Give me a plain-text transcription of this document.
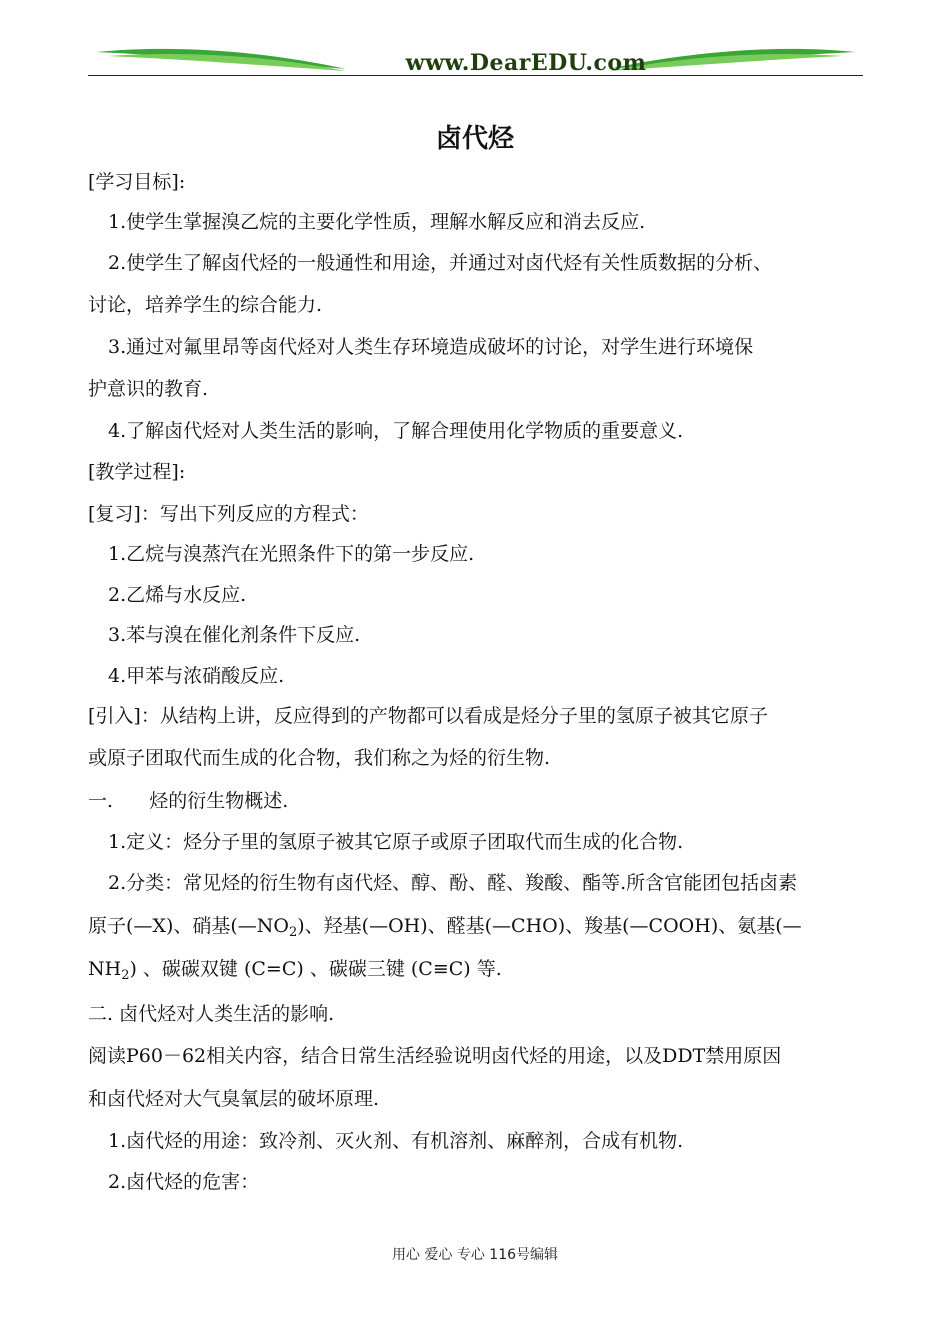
www.DearEDU.com
卤代烃
[学习目标]:
1.使学生掌握溴乙烷的主要化学性质，理解水解反应和消去反应.
2.使学生了解卤代烃的一般通性和用途，并通过对卤代烃有关性质数据的分析、
讨论，培养学生的综合能力.
3.通过对氟里昂等卤代烃对人类生存环境造成破坏的讨论，对学生进行环境保
护意识的教育.
4.了解卤代烃对人类生活的影响，了解合理使用化学物质的重要意义.
[教学过程]:
[复习]：写出下列反应的方程式：
1.乙烷与溴蒸汽在光照条件下的第一步反应.
2.乙烯与水反应.
3.苯与溴在催化剂条件下反应.
4.甲苯与浓硝酸反应.
[引入]：从结构上讲，反应得到的产物都可以看成是烃分子里的氢原子被其它原子
或原子团取代而生成的化合物，我们称之为烃的衍生物.
一.      烃的衍生物概述.
1.定义：烃分子里的氢原子被其它原子或原子团取代而生成的化合物.
2.分类：常见烃的衍生物有卤代烃、醇、酚、醛、羧酸、酯等.所含官能团包括卤素
原子(—X)、硝基$(—NO_2)$、羟基(—OH)、醛基(—CHO)、羧基(—COOH)、氨基(—
$NH_2$) 、碳碳双键 (C=C) 、碳碳三键 (C≡C) 等.
二. 卤代烃对人类生活的影响.
阅读P60－62相关内容，结合日常生活经验说明卤代烃的用途，以及DDT禁用原因
和卤代烃对大气臭氧层的破坏原理.
1.卤代烃的用途：致冷剂、灭火剂、有机溶剂、麻醉剂，合成有机物.
2.卤代烃的危害：
用心 爱心 专心 116号编辑
